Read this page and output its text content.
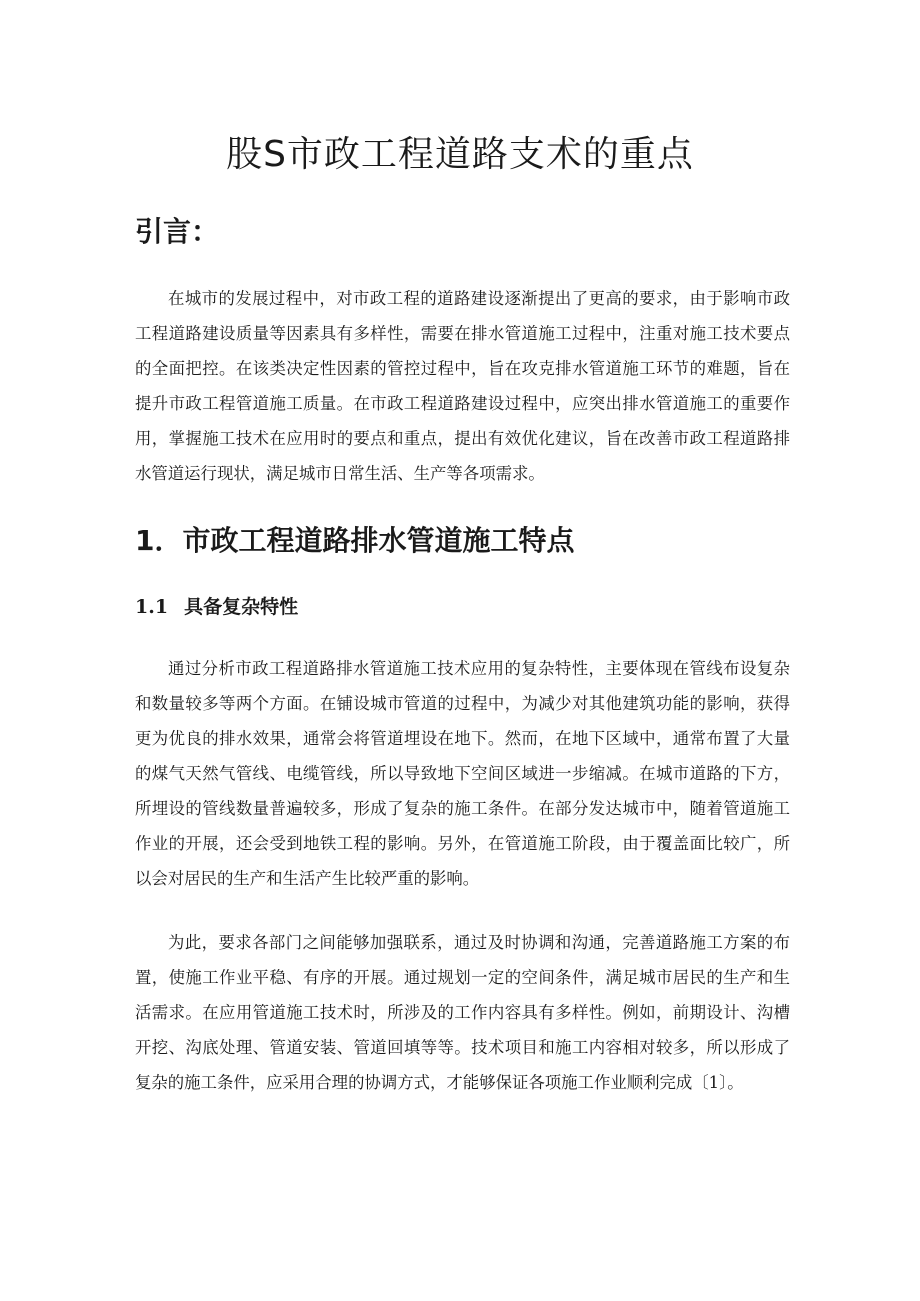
股S市政工程道路支术的重点
引言：

在城市的发展过程中，对市政工程的道路建设逐渐提出了更高的要求，由于影响市政工程道路建设质量等因素具有多样性，需要在排水管道施工过程中，注重对施工技术要点的全面把控。在该类决定性因素的管控过程中，旨在攻克排水管道施工环节的难题，旨在提升市政工程管道施工质量。在市政工程道路建设过程中，应突出排水管道施工的重要作用，掌握施工技术在应用时的要点和重点，提出有效优化建议，旨在改善市政工程道路排水管道运行现状，满足城市日常生活、生产等各项需求。

1．市政工程道路排水管道施工特点
1.1 具备复杂特性

通过分析市政工程道路排水管道施工技术应用的复杂特性，主要体现在管线布设复杂和数量较多等两个方面。在铺设城市管道的过程中，为减少对其他建筑功能的影响，获得更为优良的排水效果，通常会将管道埋设在地下。然而，在地下区域中，通常布置了大量的煤气天然气管线、电缆管线，所以导致地下空间区域进一步缩减。在城市道路的下方，所埋设的管线数量普遍较多，形成了复杂的施工条件。在部分发达城市中，随着管道施工作业的开展，还会受到地铁工程的影响。另外，在管道施工阶段，由于覆盖面比较广，所以会对居民的生产和生活产生比较严重的影响。

为此，要求各部门之间能够加强联系，通过及时协调和沟通，完善道路施工方案的布置，使施工作业平稳、有序的开展。通过规划一定的空间条件，满足城市居民的生产和生活需求。在应用管道施工技术时，所涉及的工作内容具有多样性。例如，前期设计、沟槽开挖、沟底处理、管道安装、管道回填等等。技术项目和施工内容相对较多，所以形成了复杂的施工条件，应采用合理的协调方式，才能够保证各项施工作业顺利完成〔1〕。
